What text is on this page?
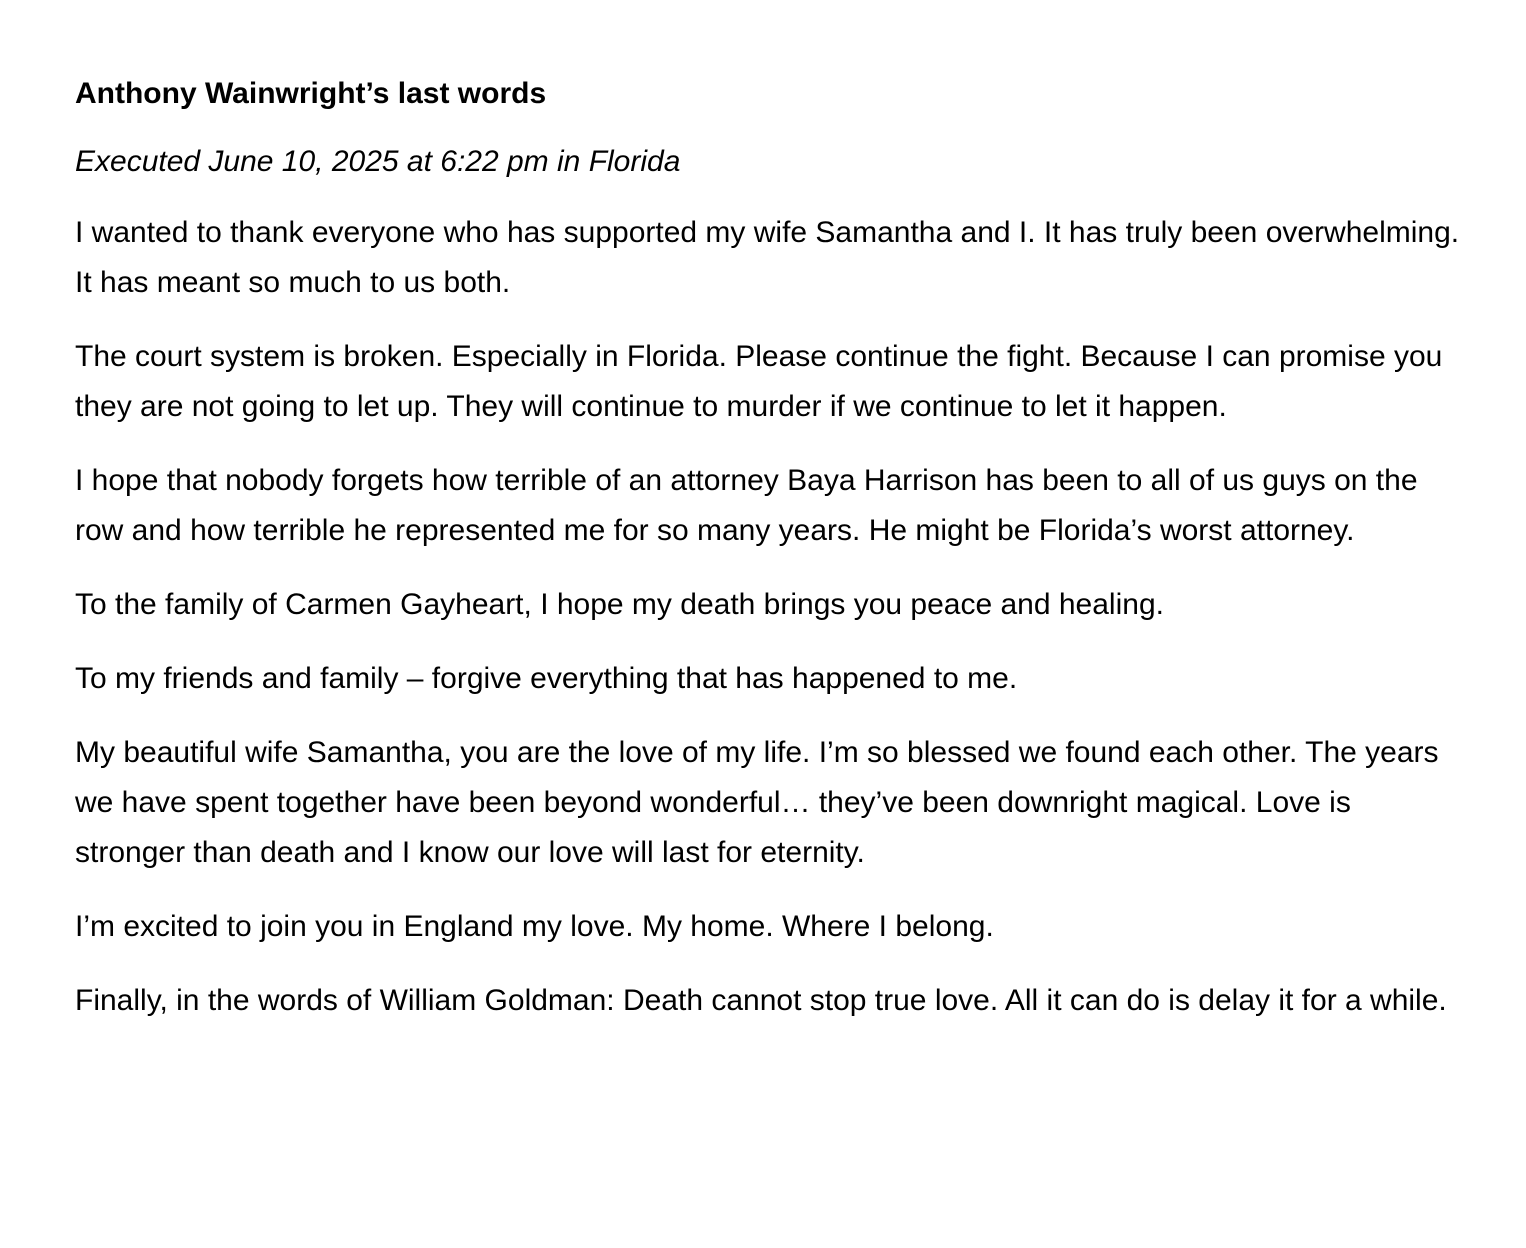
Anthony Wainwright’s last words

Executed June 10, 2025 at 6:22 pm in Florida

I wanted to thank everyone who has supported my wife Samantha and I. It has truly been overwhelming. It has meant so much to us both.

The court system is broken. Especially in Florida. Please continue the fight. Because I can promise you they are not going to let up. They will continue to murder if we continue to let it happen.

I hope that nobody forgets how terrible of an attorney Baya Harrison has been to all of us guys on the row and how terrible he represented me for so many years. He might be Florida’s worst attorney.

To the family of Carmen Gayheart, I hope my death brings you peace and healing.

To my friends and family – forgive everything that has happened to me.

My beautiful wife Samantha, you are the love of my life. I’m so blessed we found each other. The years we have spent together have been beyond wonderful… they’ve been downright magical. Love is stronger than death and I know our love will last for eternity.

I’m excited to join you in England my love. My home. Where I belong.

Finally, in the words of William Goldman: Death cannot stop true love. All it can do is delay it for a while.
